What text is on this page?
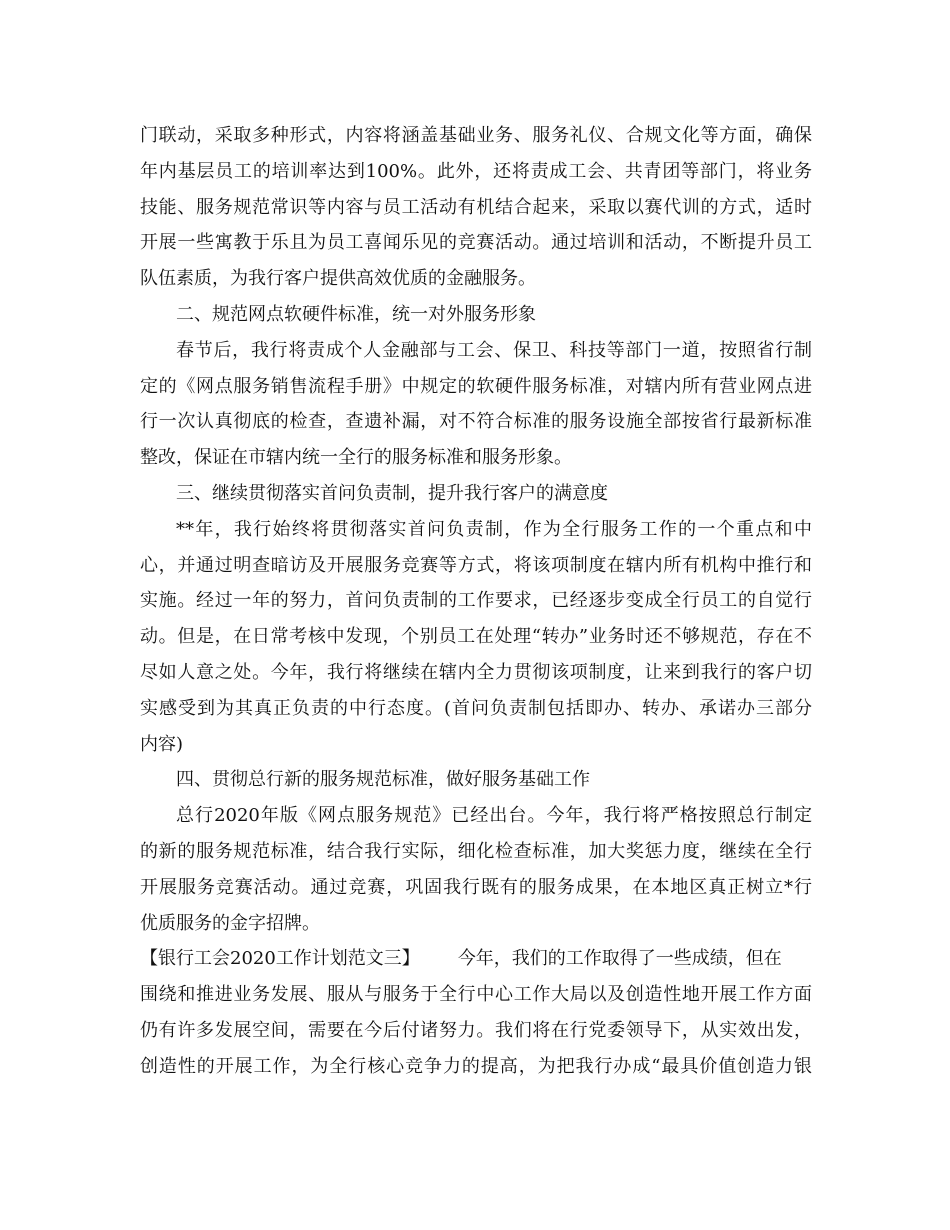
门联动，采取多种形式，内容将涵盖基础业务、服务礼仪、合规文化等方面，确保
年内基层员工的培训率达到100%。此外，还将责成工会、共青团等部门，将业务
技能、服务规范常识等内容与员工活动有机结合起来，采取以赛代训的方式，适时
开展一些寓教于乐且为员工喜闻乐见的竞赛活动。通过培训和活动，不断提升员工
队伍素质，为我行客户提供高效优质的金融服务。
二、规范网点软硬件标准，统一对外服务形象
春节后，我行将责成个人金融部与工会、保卫、科技等部门一道，按照省行制
定的《网点服务销售流程手册》中规定的软硬件服务标准，对辖内所有营业网点进
行一次认真彻底的检查，查遗补漏，对不符合标准的服务设施全部按省行最新标准
整改，保证在市辖内统一全行的服务标准和服务形象。
三、继续贯彻落实首问负责制，提升我行客户的满意度
**年，我行始终将贯彻落实首问负责制，作为全行服务工作的一个重点和中
心，并通过明查暗访及开展服务竞赛等方式，将该项制度在辖内所有机构中推行和
实施。经过一年的努力，首问负责制的工作要求，已经逐步变成全行员工的自觉行
动。但是，在日常考核中发现，个别员工在处理“转办”业务时还不够规范，存在不
尽如人意之处。今年，我行将继续在辖内全力贯彻该项制度，让来到我行的客户切
实感受到为其真正负责的中行态度。(首问负责制包括即办、转办、承诺办三部分
内容)
四、贯彻总行新的服务规范标准，做好服务基础工作
总行2020年版《网点服务规范》已经出台。今年，我行将严格按照总行制定
的新的服务规范标准，结合我行实际，细化检查标准，加大奖惩力度，继续在全行
开展服务竞赛活动。通过竞赛，巩固我行既有的服务成果，在本地区真正树立*行
优质服务的金字招牌。
【银行工会2020工作计划范文三】 今年，我们的工作取得了一些成绩，但在
围绕和推进业务发展、服从与服务于全行中心工作大局以及创造性地开展工作方面
仍有许多发展空间，需要在今后付诸努力。我们将在行党委领导下，从实效出发，
创造性的开展工作，为全行核心竞争力的提高，为把我行办成“最具价值创造力银
